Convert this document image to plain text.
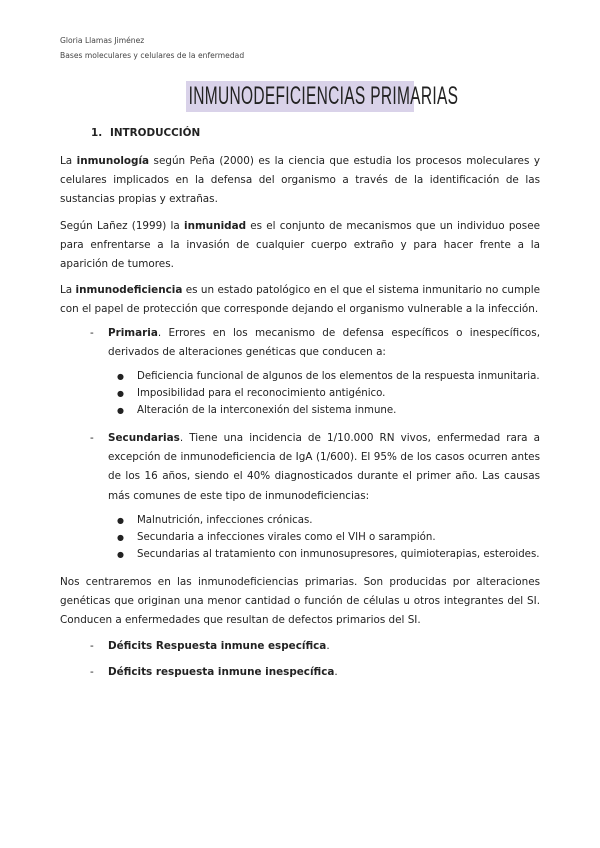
Gloria Llamas Jiménez
Bases moleculares y celulares de la enfermedad
INMUNODEFICIENCIAS PRIMARIAS
1. INTRODUCCIÓN

La inmunología según Peña (2000) es la ciencia que estudia los procesos moleculares y celulares implicados en la defensa del organismo a través de la identificación de las sustancias propias y extrañas.

Según Lañez (1999) la inmunidad es el conjunto de mecanismos que un individuo posee para enfrentarse a la invasión de cualquier cuerpo extraño y para hacer frente a la aparición de tumores.

La inmunodeficiencia es un estado patológico en el que el sistema inmunitario no cumple con el papel de protección que corresponde dejando el organismo vulnerable a la infección.

- Primaria. Errores en los mecanismo de defensa específicos o inespecíficos, derivados de alteraciones genéticas que conducen a:

● Deficiencia funcional de algunos de los elementos de la respuesta inmunitaria.
● Imposibilidad para el reconocimiento antigénico.
● Alteración de la interconexión del sistema inmune.

- Secundarias. Tiene una incidencia de 1/10.000 RN vivos, enfermedad rara a excepción de inmunodeficiencia de IgA (1/600). El 95% de los casos ocurren antes de los 16 años, siendo el 40% diagnosticados durante el primer año. Las causas más comunes de este tipo de inmunodeficiencias:

● Malnutrición, infecciones crónicas.
● Secundaria a infecciones virales como el VIH o sarampión.
● Secundarias al tratamiento con inmunosupresores, quimioterapias, esteroides.

Nos centraremos en las inmunodeficiencias primarias. Son producidas por alteraciones genéticas que originan una menor cantidad o función de células u otros integrantes del SI. Conducen a enfermedades que resultan de defectos primarios del SI.

- Déficits Respuesta inmune específica.

- Déficits respuesta inmune inespecífica.
